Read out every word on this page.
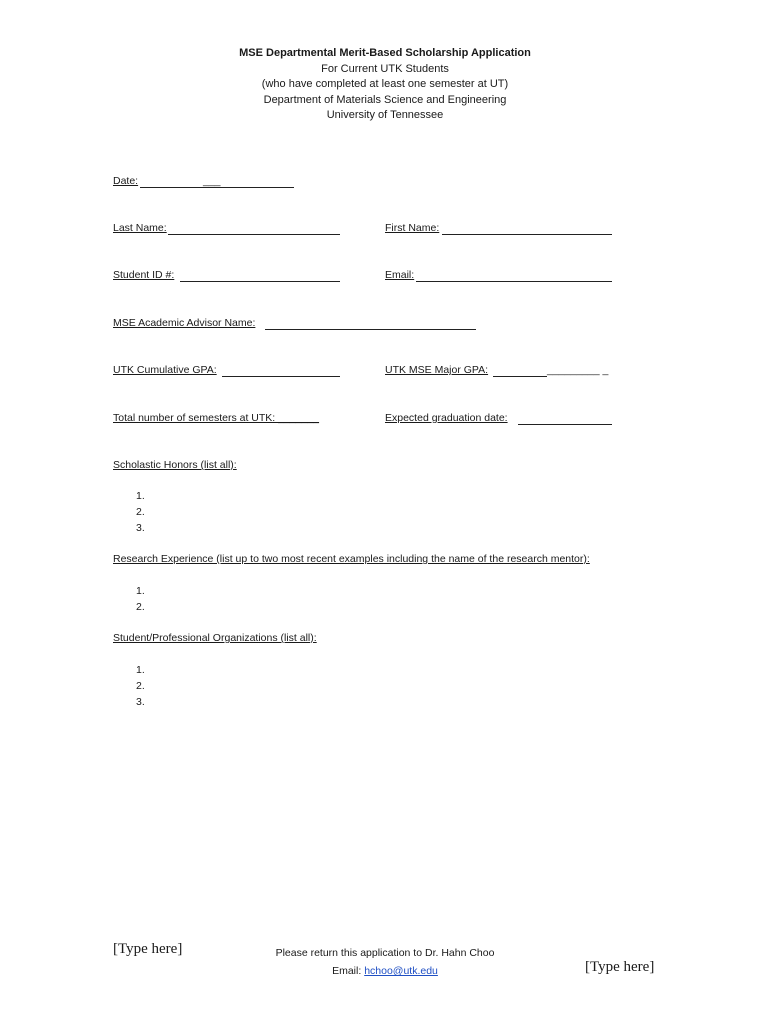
MSE Departmental Merit-Based Scholarship Application
For Current UTK Students
(who have completed at least one semester at UT)
Department of Materials Science and Engineering
University of Tennessee
Date:	___
Last Name:	First Name:
Student ID #:	Email:
MSE Academic Advisor Name:
UTK Cumulative GPA:	UTK MSE Major GPA:	_________ _
Total number of semesters at UTK: _______	Expected graduation date:
Scholastic Honors (list all):
1.
2.
3.
Research Experience (list up to two most recent examples including the name of the research mentor):
1.
2.
Student/Professional Organizations (list all):
1.
2.
3.
[Type here]	Please return this application to Dr. Hahn Choo
Email: hchoo@utk.edu	[Type here]
